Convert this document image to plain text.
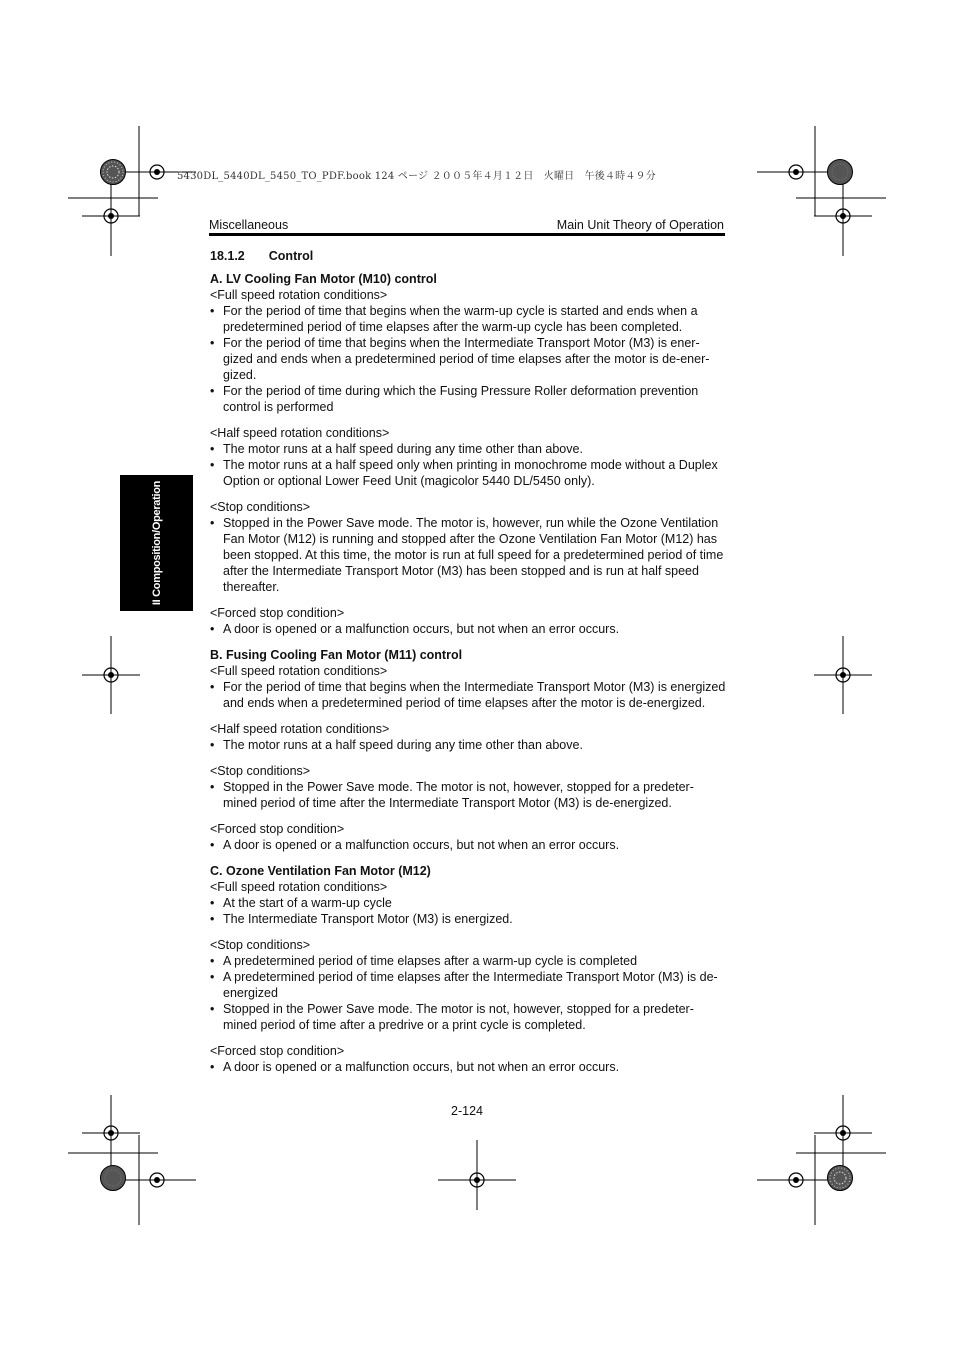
5430DL_5440DL_5450_TO_PDF.book 124 ページ ２００５年４月１２日　火曜日　午後４時４９分
Miscellaneous	Main Unit Theory of Operation
II Composition/Operation

18.1.2 Control

A. LV Cooling Fan Motor (M10) control

<Full speed rotation conditions>

• For the period of time that begins when the warm-up cycle is started and ends when a predetermined period of time elapses after the warm-up cycle has been completed.
• For the period of time that begins when the Intermediate Transport Motor (M3) is ener-gized and ends when a predetermined period of time elapses after the motor is de-ener-gized.
• For the period of time during which the Fusing Pressure Roller deformation prevention control is performed

<Half speed rotation conditions>

• The motor runs at a half speed during any time other than above.
• The motor runs at a half speed only when printing in monochrome mode without a Duplex Option or optional Lower Feed Unit (magicolor 5440 DL/5450 only).

<Stop conditions>

• Stopped in the Power Save mode. The motor is, however, run while the Ozone Ventilation Fan Motor (M12) is running and stopped after the Ozone Ventilation Fan Motor (M12) has been stopped. At this time, the motor is run at full speed for a predetermined period of time after the Intermediate Transport Motor (M3) has been stopped and is run at half speed thereafter.

<Forced stop condition>

• A door is opened or a malfunction occurs, but not when an error occurs.

B. Fusing Cooling Fan Motor (M11) control

<Full speed rotation conditions>

• For the period of time that begins when the Intermediate Transport Motor (M3) is energized and ends when a predetermined period of time elapses after the motor is de-energized.

<Half speed rotation conditions>

• The motor runs at a half speed during any time other than above.

<Stop conditions>

• Stopped in the Power Save mode. The motor is not, however, stopped for a predeter-mined period of time after the Intermediate Transport Motor (M3) is de-energized.

<Forced stop condition>

• A door is opened or a malfunction occurs, but not when an error occurs.

C. Ozone Ventilation Fan Motor (M12)

<Full speed rotation conditions>

• At the start of a warm-up cycle
• The Intermediate Transport Motor (M3) is energized.

<Stop conditions>

• A predetermined period of time elapses after a warm-up cycle is completed
• A predetermined period of time elapses after the Intermediate Transport Motor (M3) is de-energized
• Stopped in the Power Save mode. The motor is not, however, stopped for a predeter-mined period of time after a predrive or a print cycle is completed.

<Forced stop condition>

• A door is opened or a malfunction occurs, but not when an error occurs.
2-124
